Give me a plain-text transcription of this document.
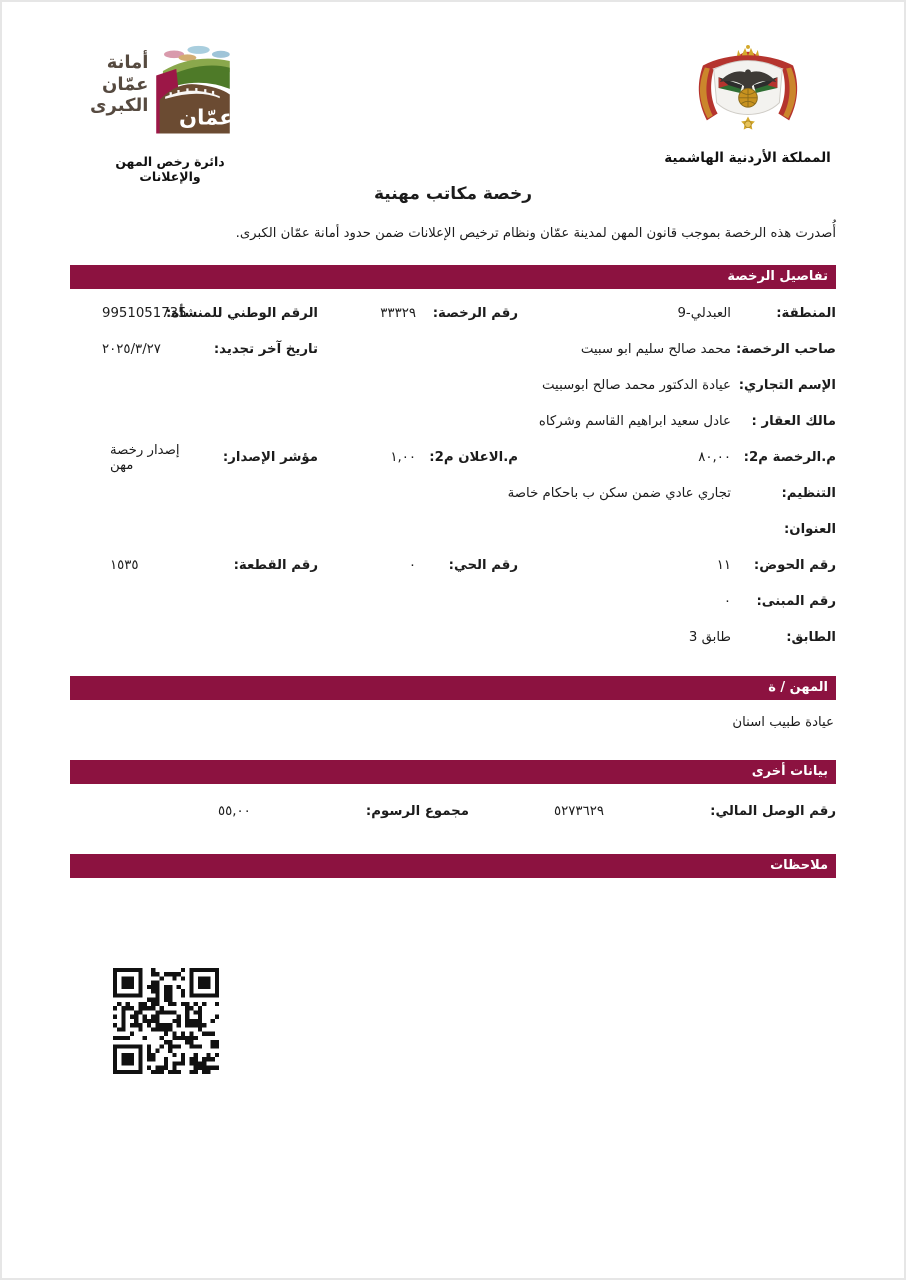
أمانة
عمّان
الكبرى عمّان
دائرة رخص المهن والإعلانات
المملكة الأردنية الهاشمية
رخصة مكاتب مهنية
أُصدرت هذه الرخصة بموجب قانون المهن لمدينة عمّان ونظام ترخيص الإعلانات ضمن حدود أمانة عمّان الكبرى.
تفاصيل الرخصة
المنطقة:
العبدلي-9
رقم الرخصة:
٣٣٣٢٩
الرقم الوطني للمنشأة:
9951051735
صاحب الرخصة:
محمد صالح سليم ابو سبيت
تاريخ آخر تجديد:
٢٠٢٥/٣/٢٧
الإسم التجاري:
عيادة الدكتور محمد صالح ابوسبيت
مالك العقار :
عادل سعيد ابراهيم القاسم وشركاه
م.الرخصة م2:
٨٠,٠٠
م.الاعلان م2:
١,٠٠
مؤشر الإصدار:
إصدار رخصة مهن
التنظيم:
تجاري عادي ضمن سكن ب باحكام خاصة
العنوان:
رقم الحوض:
١١
رقم الحي:
٠
رقم القطعة:
١٥٣٥
رقم المبنى:
٠
الطابق:
طابق 3
المهن / ة
عيادة طبيب اسنان
بيانات أخرى
رقم الوصل المالي:
٥٢٧٣٦٢٩
مجموع الرسوم:
٥٥,٠٠
ملاحظات
